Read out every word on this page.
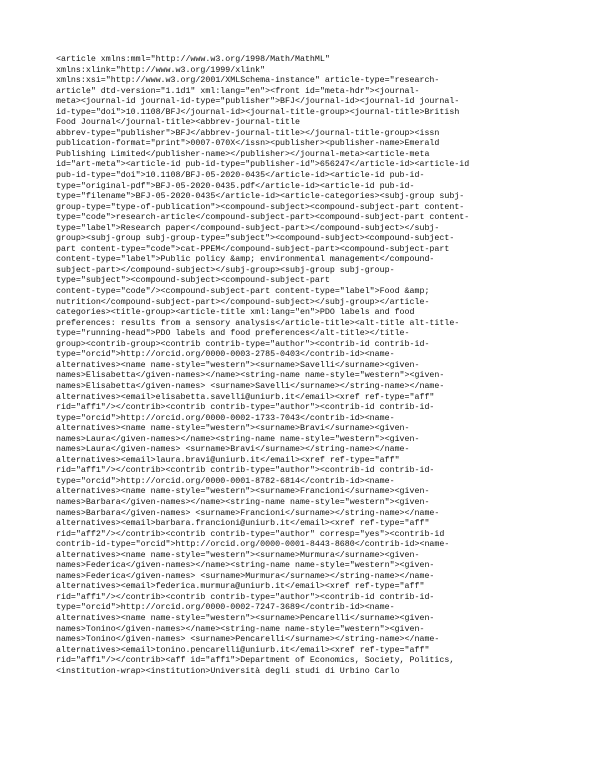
<article xmlns:mml="http://www.w3.org/1998/Math/MathML"
xmlns:xlink="http://www.w3.org/1999/xlink"
xmlns:xsi="http://www.w3.org/2001/XMLSchema-instance" article-type="research-
article" dtd-version="1.1d1" xml:lang="en"><front id="meta-hdr"><journal-
meta><journal-id journal-id-type="publisher">BFJ</journal-id><journal-id journal-
id-type="doi">10.1108/BFJ</journal-id><journal-title-group><journal-title>British
Food Journal</journal-title><abbrev-journal-title
abbrev-type="publisher">BFJ</abbrev-journal-title></journal-title-group><issn
publication-format="print">0007-070X</issn><publisher><publisher-name>Emerald
Publishing Limited</publisher-name></publisher></journal-meta><article-meta
id="art-meta"><article-id pub-id-type="publisher-id">656247</article-id><article-id
pub-id-type="doi">10.1108/BFJ-05-2020-0435</article-id><article-id pub-id-
type="original-pdf">BFJ-05-2020-0435.pdf</article-id><article-id pub-id-
type="filename">BFJ-05-2020-0435</article-id><article-categories><subj-group subj-
group-type="type-of-publication"><compound-subject><compound-subject-part content-
type="code">research-article</compound-subject-part><compound-subject-part content-
type="label">Research paper</compound-subject-part></compound-subject></subj-
group><subj-group subj-group-type="subject"><compound-subject><compound-subject-
part content-type="code">cat-PPEM</compound-subject-part><compound-subject-part
content-type="label">Public policy &amp; environmental management</compound-
subject-part></compound-subject></subj-group><subj-group subj-group-
type="subject"><compound-subject><compound-subject-part
content-type="code"/><compound-subject-part content-type="label">Food &amp;
nutrition</compound-subject-part></compound-subject></subj-group></article-
categories><title-group><article-title xml:lang="en">PDO labels and food
preferences: results from a sensory analysis</article-title><alt-title alt-title-
type="running-head">PDO labels and food preferences</alt-title></title-
group><contrib-group><contrib contrib-type="author"><contrib-id contrib-id-
type="orcid">http://orcid.org/0000-0003-2785-0403</contrib-id><name-
alternatives><name name-style="western"><surname>Savelli</surname><given-
names>Elisabetta</given-names></name><string-name name-style="western"><given-
names>Elisabetta</given-names> <surname>Savelli</surname></string-name></name-
alternatives><email>elisabetta.savelli@uniurb.it</email><xref ref-type="aff"
rid="aff1"/></contrib><contrib contrib-type="author"><contrib-id contrib-id-
type="orcid">http://orcid.org/0000-0002-1733-7043</contrib-id><name-
alternatives><name name-style="western"><surname>Bravi</surname><given-
names>Laura</given-names></name><string-name name-style="western"><given-
names>Laura</given-names> <surname>Bravi</surname></string-name></name-
alternatives><email>laura.bravi@uniurb.it</email><xref ref-type="aff"
rid="aff1"/></contrib><contrib contrib-type="author"><contrib-id contrib-id-
type="orcid">http://orcid.org/0000-0001-8782-6814</contrib-id><name-
alternatives><name name-style="western"><surname>Francioni</surname><given-
names>Barbara</given-names></name><string-name name-style="western"><given-
names>Barbara</given-names> <surname>Francioni</surname></string-name></name-
alternatives><email>barbara.francioni@uniurb.it</email><xref ref-type="aff"
rid="aff2"/></contrib><contrib contrib-type="author" corresp="yes"><contrib-id
contrib-id-type="orcid">http://orcid.org/0000-0001-8443-8680</contrib-id><name-
alternatives><name name-style="western"><surname>Murmura</surname><given-
names>Federica</given-names></name><string-name name-style="western"><given-
names>Federica</given-names> <surname>Murmura</surname></string-name></name-
alternatives><email>federica.murmura@uniurb.it</email><xref ref-type="aff"
rid="aff1"/></contrib><contrib contrib-type="author"><contrib-id contrib-id-
type="orcid">http://orcid.org/0000-0002-7247-3689</contrib-id><name-
alternatives><name name-style="western"><surname>Pencarelli</surname><given-
names>Tonino</given-names></name><string-name name-style="western"><given-
names>Tonino</given-names> <surname>Pencarelli</surname></string-name></name-
alternatives><email>tonino.pencarelli@uniurb.it</email><xref ref-type="aff"
rid="aff1"/></contrib><aff id="aff1">Department of Economics, Society, Politics,
<institution-wrap><institution>Università degli studi di Urbino Carlo
